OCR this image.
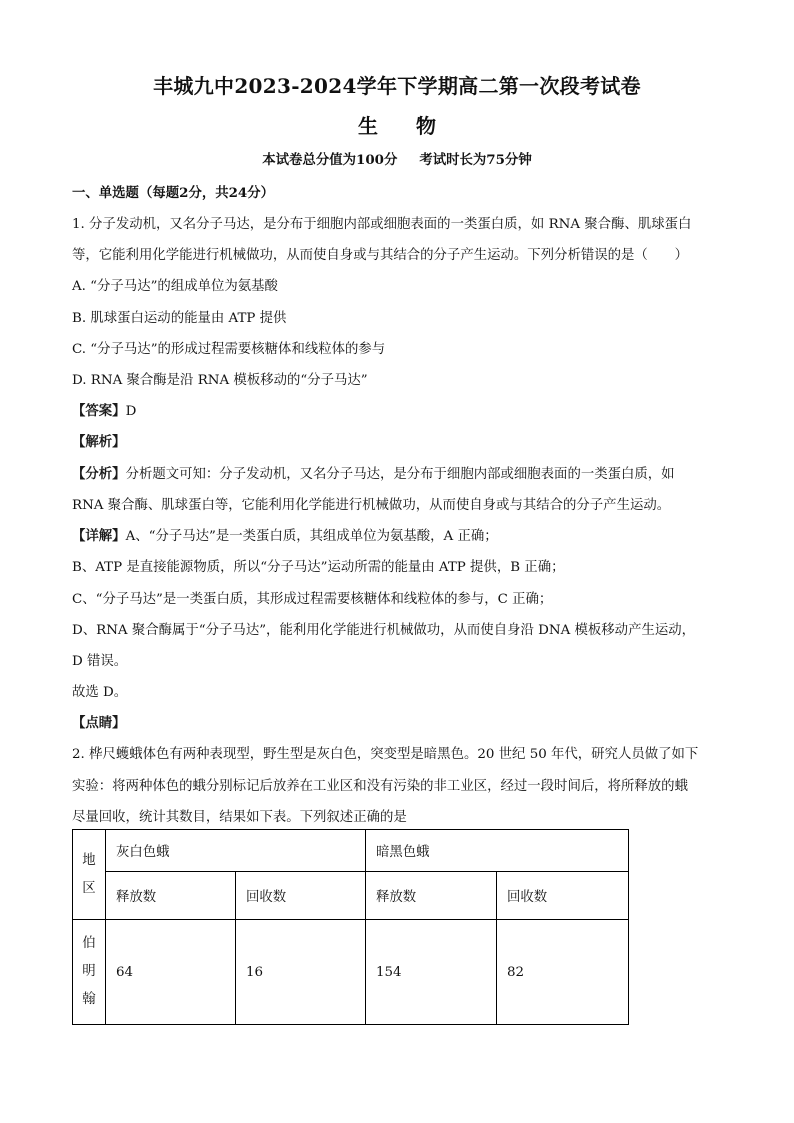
丰城九中2023-2024学年下学期高二第一次段考试卷
生 物
本试卷总分值为100分 考试时长为75分钟
一、单选题（每题2分，共24分）
1. 分子发动机，又名分子马达，是分布于细胞内部或细胞表面的一类蛋白质，如 RNA 聚合酶、肌球蛋白
等，它能利用化学能进行机械做功，从而使自身或与其结合的分子产生运动。下列分析错误的是（　　）
A. “分子马达”的组成单位为氨基酸
B. 肌球蛋白运动的能量由 ATP 提供
C. “分子马达”的形成过程需要核糖体和线粒体的参与
D. RNA 聚合酶是沿 RNA 模板移动的“分子马达”
【答案】D
【解析】
【分析】分析题文可知：分子发动机，又名分子马达，是分布于细胞内部或细胞表面的一类蛋白质，如
RNA 聚合酶、肌球蛋白等，它能利用化学能进行机械做功，从而使自身或与其结合的分子产生运动。
【详解】A、“分子马达”是一类蛋白质，其组成单位为氨基酸，A 正确；
B、ATP 是直接能源物质，所以“分子马达”运动所需的能量由 ATP 提供，B 正确；
C、“分子马达”是一类蛋白质，其形成过程需要核糖体和线粒体的参与，C 正确；
D、RNA 聚合酶属于“分子马达”，能利用化学能进行机械做功，从而使自身沿 DNA 模板移动产生运动，
D 错误。
故选 D。
【点睛】
2. 桦尺蠖蛾体色有两种表现型，野生型是灰白色，突变型是暗黑色。20 世纪 50 年代，研究人员做了如下
实验：将两种体色的蛾分别标记后放养在工业区和没有污染的非工业区，经过一段时间后，将所释放的蛾
尽量回收，统计其数目，结果如下表。下列叙述正确的是
地
区	灰白色蛾		暗黑色蛾	
	释放数	回收数	释放数	回收数

伯
明
翰	64	16	154	82
